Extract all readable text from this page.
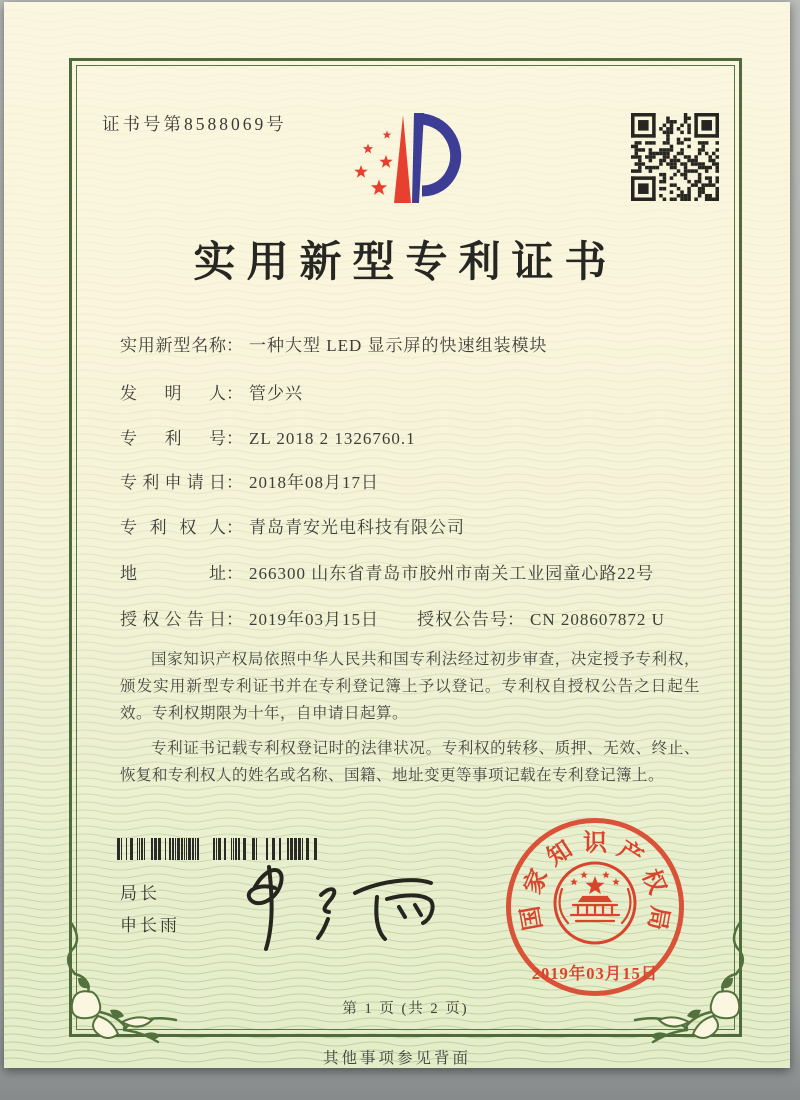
证书号第8588069号
实用新型专利证书
实用新型名称： 一种大型 LED 显示屏的快速组装模块
发明人： 管少兴
专利号： ZL 2018 2 1326760.1
专利申请日： 2018年08月17日
专利权人： 青岛青安光电科技有限公司
地址： 266300 山东省青岛市胶州市南关工业园童心路22号
授权公告日： 2019年03月15日 授权公告号： CN 208607872 U

国家知识产权局依照中华人民共和国专利法经过初步审查，决定授予专利权，颁发实用新型专利证书并在专利登记簿上予以登记。专利权自授权公告之日起生效。专利权期限为十年，自申请日起算。

专利证书记载专利权登记时的法律状况。专利权的转移、质押、无效、终止、恢复和专利权人的姓名或名称、国籍、地址变更等事项记载在专利登记簿上。

局长
申长雨	国
家
知 识 产
权
局
2019年03月15日
第 1 页 (共 2 页)
其他事项参见背面
